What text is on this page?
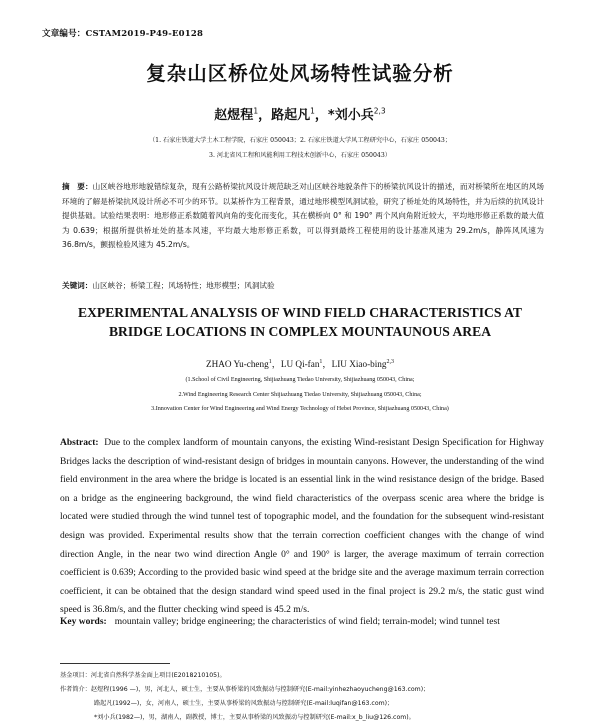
文章编号：CSTAM2019-P49-E0128
复杂山区桥位处风场特性试验分析
赵煜程$^1$，路起凡$^1$，*刘小兵$^{2,3}$
（1. 石家庄铁道大学土木工程学院，石家庄 050043；2. 石家庄铁道大学风工程研究中心，石家庄 050043；
3. 河北省风工程和风能利用工程技术创新中心，石家庄 050043）
摘　要：山区峡谷地形地貌错综复杂，现有公路桥梁抗风设计规范缺乏对山区峡谷地貌条件下的桥梁抗风设计的描述，而对桥梁所在地区的风场环境的了解是桥梁抗风设计所必不可少的环节。以某桥作为工程背景，通过地形模型风洞试验，研究了桥址处的风场特性，并为后续的抗风设计提供基础。试验结果表明：地形修正系数随着风向角的变化而变化，其在横桥向 0° 和 190° 两个风向角附近较大，平均地形修正系数的最大值为 0.639；根据所提供桥址处的基本风速，平均最大地形修正系数，可以得到最终工程使用的设计基准风速为 29.2m/s，静阵风风速为 36.8m/s，颤振检验风速为 45.2m/s。
关键词：山区峡谷；桥梁工程；风场特性；地形模型；风洞试验
EXPERIMENTAL ANALYSIS OF WIND FIELD CHARACTERISTICS AT
BRIDGE LOCATIONS IN COMPLEX MOUNTAUNOUS AREA
ZHAO Yu-cheng$^1$，LU Qi-fan$^1$，LIU Xiao-bing$^{2,3}$
(1.School of Civil Engineering, Shijiazhuang Tiedao University, Shijiazhuang 050043, China;
2.Wind Engineering Research Center Shijiazhuang Tiedao University, Shijiazhuang 050043, China;
3.Innovation Center for Wind Engineering and Wind Energy Technology of Hebei Province, Shijiazhuang 050043, China)
Abstract: Due to the complex landform of mountain canyons, the existing Wind-resistant Design Specification for Highway Bridges lacks the description of wind-resistant design of bridges in mountain canyons. However, the understanding of the wind field environment in the area where the bridge is located is an essential link in the wind resistance design of the bridge. Based on a bridge as the engineering background, the wind field characteristics of the overpass scenic area where the bridge is located were studied through the wind tunnel test of topographic model, and the foundation for the subsequent wind-resistant design was provided. Experimental results show that the terrain correction coefficient changes with the change of wind direction Angle, in the near two wind direction Angle 0° and 190° is larger, the average maximum of terrain correction coefficient is 0.639; According to the provided basic wind speed at the bridge site and the average maximum terrain correction coefficient, it can be obtained that the design standard wind speed used in the final project is 29.2 m/s, the static gust wind speed is 36.8m/s, and the flutter checking wind speed is 45.2 m/s.
Key words: mountain valley; bridge engineering; the characteristics of wind field; terrain-model; wind tunnel test
基金项目：河北省自然科学基金面上项目(E2018210105)。
作者简介：赵煜程(1996 —)，男，河北人，硕士生，主要从事桥梁的风致振动与控制研究(E-mail:yinhezhaoyucheng@163.com)；
路起凡(1992—)，女，河南人，硕士生，主要从事桥梁的风致振动与控制研究(E-mail:luqifan@163.com)；
*刘小兵(1982—)，男，湖南人，副教授，博士，主要从事桥梁的风致振动与控制研究(E-mail:x_b_liu@126.com)。
